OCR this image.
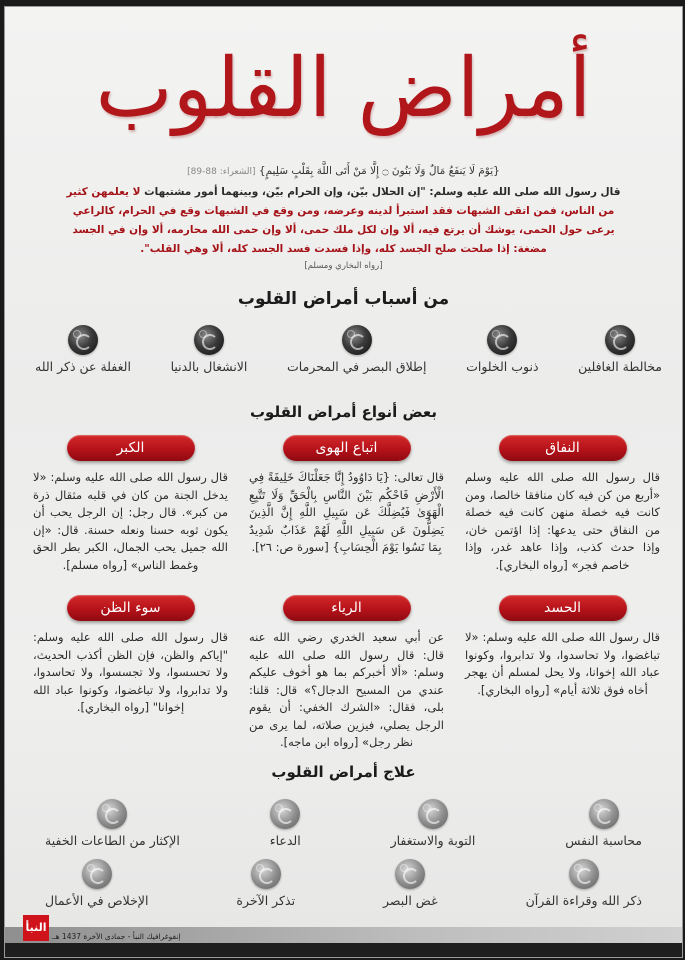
أمراض القلوب
{يَوْمَ لَا يَنفَعُ مَالٌ وَلَا بَنُونَ ۝ إِلَّا مَنْ أَتَى اللَّهَ بِقَلْبٍ سَلِيمٍ} [الشعراء: 88-89]
قال رسول الله صلى الله عليه وسلم: "إن الحلال بيّن، وإن الحرام بيّن، وبينهما أمور مشتبهات لا يعلمهن كثير من الناس، فمن اتقى الشبهات فقد استبرأ لدينه وعرضه، ومن وقع في الشبهات وقع في الحرام، كالراعي يرعى حول الحمى، يوشك أن يرتع فيه، ألا وإن لكل ملك حمى، ألا وإن حمى الله محارمه، ألا وإن في الجسد مضغة: إذا صلحت صلح الجسد كله، وإذا فسدت فسد الجسد كله، ألا وهي القلب".
[رواه البخاري ومسلم]
من أسباب أمراض القلوب
مخالطة الغافلين
ذنوب الخلوات
إطلاق البصر في المحرمات
الانشغال بالدنيا
الغفلة عن ذكر الله
بعض أنواع أمراض القلوب
النفاق
قال رسول الله صلى الله عليه وسلم «أربع من كن فيه كان منافقا خالصا، ومن كانت فيه خصلة منهن كانت فيه خصلة من النفاق حتى يدعها: إذا اؤتمن خان، وإذا حدث كذب، وإذا عاهد غدر، وإذا خاصم فجر» [رواه البخاري].
اتباع الهوى
قال تعالى: {يَا دَاوُودُ إِنَّا جَعَلْنَاكَ خَلِيفَةً فِي الْأَرْضِ فَاحْكُم بَيْنَ النَّاسِ بِالْحَقِّ وَلَا تَتَّبِعِ الْهَوَىٰ فَيُضِلَّكَ عَن سَبِيلِ اللَّهِ إِنَّ الَّذِينَ يَضِلُّونَ عَن سَبِيلِ اللَّهِ لَهُمْ عَذَابٌ شَدِيدٌ بِمَا نَسُوا يَوْمَ الْحِسَابِ} [سورة ص: ٢٦].
الكبر
قال رسول الله صلى الله عليه وسلم: «لا يدخل الجنة من كان في قلبه مثقال ذرة من كبر». قال رجل: إن الرجل يحب أن يكون ثوبه حسنا ونعله حسنة. قال: «إن الله جميل يحب الجمال، الكبر بطر الحق وغمط الناس» [رواه مسلم].
الحسد
قال رسول الله صلى الله عليه وسلم: «لا تباغضوا، ولا تحاسدوا، ولا تدابروا، وكونوا عباد الله إخوانا، ولا يحل لمسلم أن يهجر أخاه فوق ثلاثة أيام» [رواه البخاري].
الرياء
عن أبي سعيد الخدري رضي الله عنه قال: قال رسول الله صلى الله عليه وسلم: «ألا أخبركم بما هو أخوف عليكم عندي من المسيح الدجال؟» قال: قلنا: بلى، فقال: «الشرك الخفي: أن يقوم الرجل يصلي، فيزين صلاته، لما يرى من نظر رجل» [رواه ابن ماجه].
سوء الظن
قال رسول الله صلى الله عليه وسلم: "إياكم والظن، فإن الظن أكذب الحديث، ولا تحسسوا، ولا تجسسوا، ولا تحاسدوا، ولا تدابروا، ولا تباغضوا، وكونوا عباد الله إخوانا" [رواه البخاري].
علاج أمراض القلوب
محاسبة النفس
التوبة والاستغفار
الدعاء
الإكثار من الطاعات الخفية
ذكر الله وقراءة القرآن
غض البصر
تذكر الآخرة
الإخلاص في الأعمال
إنفوغرافيك النبأ - جمادى الآخرة 1437 هـ.
النبأ
